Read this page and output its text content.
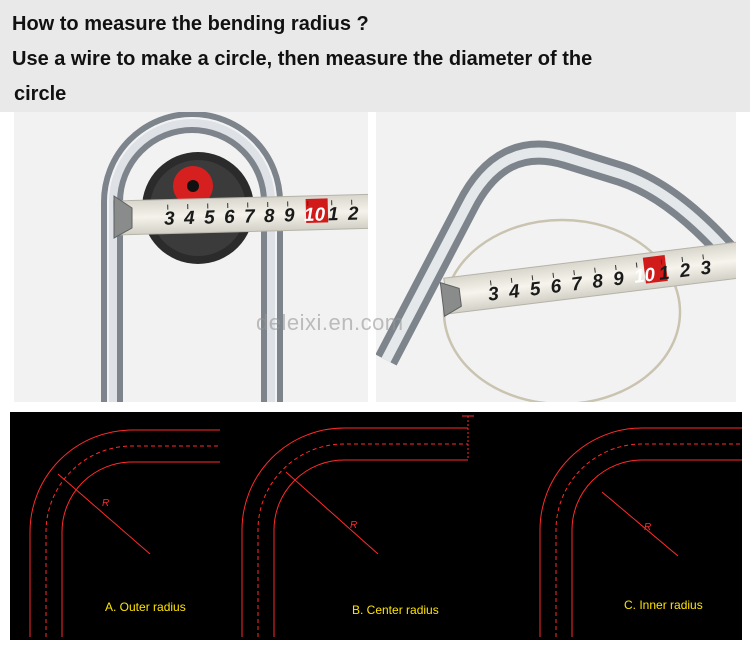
How to measure the bending radius ?
Use a wire to make a circle, then measure the diameter of the
circle
3 4 5 6 7 8 9 10 1 2
3 4 5 6 7 8 9 10 1 2 3
deleixi.en.com
R
R	R
A. Outer radius	B. Center radius	C. Inner radius
